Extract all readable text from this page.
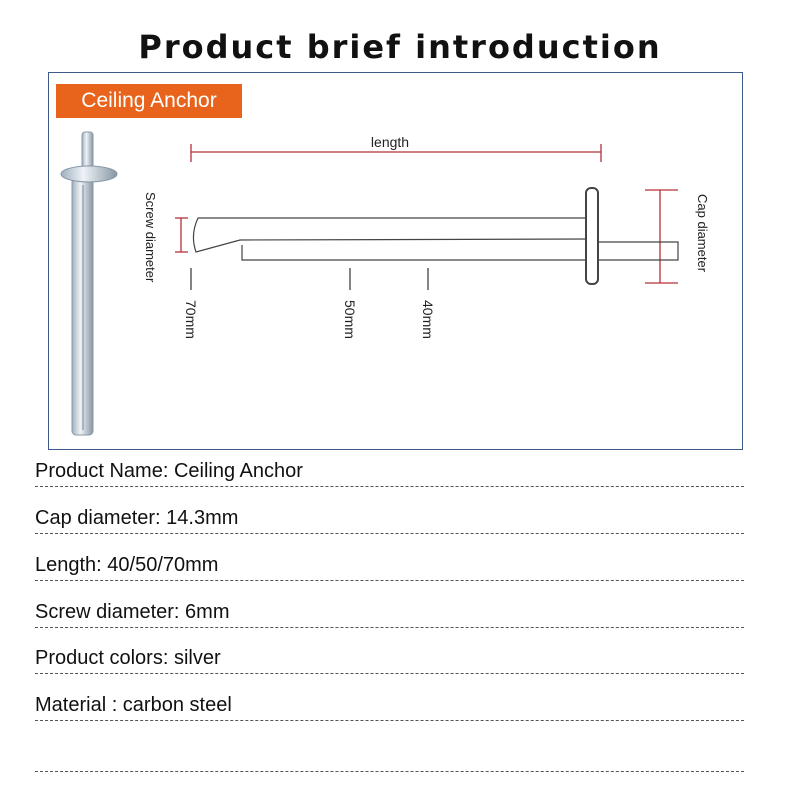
Product brief introduction
Ceiling Anchor
length
Screw diameter	Cap diameter
70mm	50mm	40mm
Product Name: Ceiling Anchor
Cap diameter: 14.3mm
Length: 40/50/70mm
Screw diameter: 6mm
Product colors: silver
Material : carbon steel
